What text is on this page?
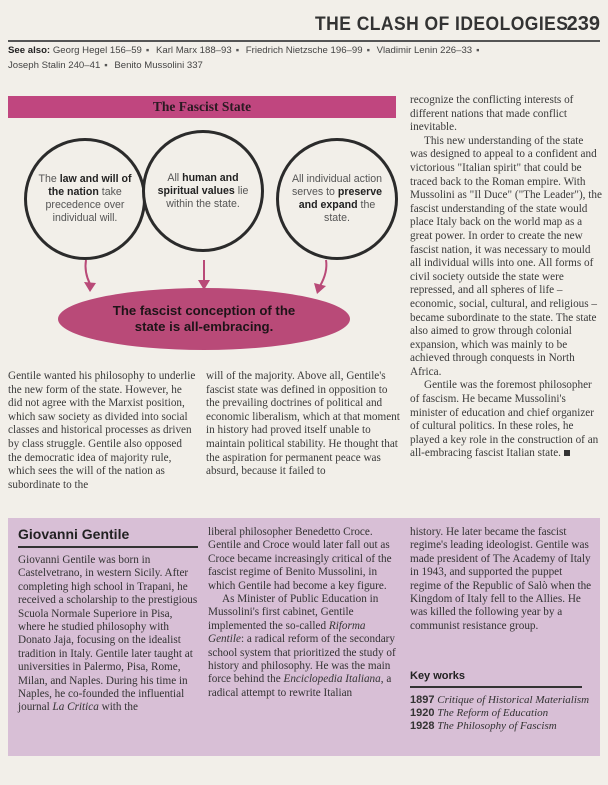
THE CLASH OF IDEOLOGIES
239
See also: Georg Hegel 156–59 ▪ Karl Marx 188–93 ▪ Friedrich Nietzsche 196–99 ▪ Vladimir Lenin 226–33 ▪
Joseph Stalin 240–41 ▪ Benito Mussolini 337
The Fascist State
The law and will of the nation take precedence over individual will.
All human and spiritual values lie within the state.
All individual action serves to preserve and expand the state.
The fascist conception of the state is all-embracing.

Gentile wanted his philosophy to underlie the new form of the state. However, he did not agree with the Marxist position, which saw society as divided into social classes and historical processes as driven by class struggle. Gentile also opposed the democratic idea of majority rule, which sees the will of the nation as subordinate to the

will of the majority. Above all, Gentile's fascist state was defined in opposition to the prevailing doctrines of political and economic liberalism, which at that moment in history had proved itself unable to maintain political stability. He thought that the aspiration for permanent peace was absurd, because it failed to

recognize the conflicting interests of different nations that made conflict inevitable.

This new understanding of the state was designed to appeal to a confident and victorious "Italian spirit" that could be traced back to the Roman empire. With Mussolini as "Il Duce" ("The Leader"), the fascist understanding of the state would place Italy back on the world map as a great power. In order to create the new fascist nation, it was necessary to mould all individual wills into one. All forms of civil society outside the state were repressed, and all spheres of life – economic, social, cultural, and religious – became subordinate to the state. The state also aimed to grow through colonial expansion, which was mainly to be achieved through conquests in North Africa.

Gentile was the foremost philosopher of fascism. He became Mussolini's minister of education and chief organizer of cultural politics. In these roles, he played a key role in the construction of an all-embracing fascist Italian state.

Giovanni Gentile

Giovanni Gentile was born in Castelvetrano, in western Sicily. After completing high school in Trapani, he received a scholarship to the prestigious Scuola Normale Superiore in Pisa, where he studied philosophy with Donato Jaja, focusing on the idealist tradition in Italy. Gentile later taught at universities in Palermo, Pisa, Rome, Milan, and Naples. During his time in Naples, he co-founded the influential journal La Critica with the

liberal philosopher Benedetto Croce. Gentile and Croce would later fall out as Croce became increasingly critical of the fascist regime of Benito Mussolini, in which Gentile had become a key figure.

As Minister of Public Education in Mussolini's first cabinet, Gentile implemented the so-called Riforma Gentile: a radical reform of the secondary school system that prioritized the study of history and philosophy. He was the main force behind the Enciclopedia Italiana, a radical attempt to rewrite Italian

history. He later became the fascist regime's leading ideologist. Gentile was made president of The Academy of Italy in 1943, and supported the puppet regime of the Republic of Salò when the Kingdom of Italy fell to the Allies. He was killed the following year by a communist resistance group.

Key works
1897 Critique of Historical Materialism
1920 The Reform of Education
1928 The Philosophy of Fascism
